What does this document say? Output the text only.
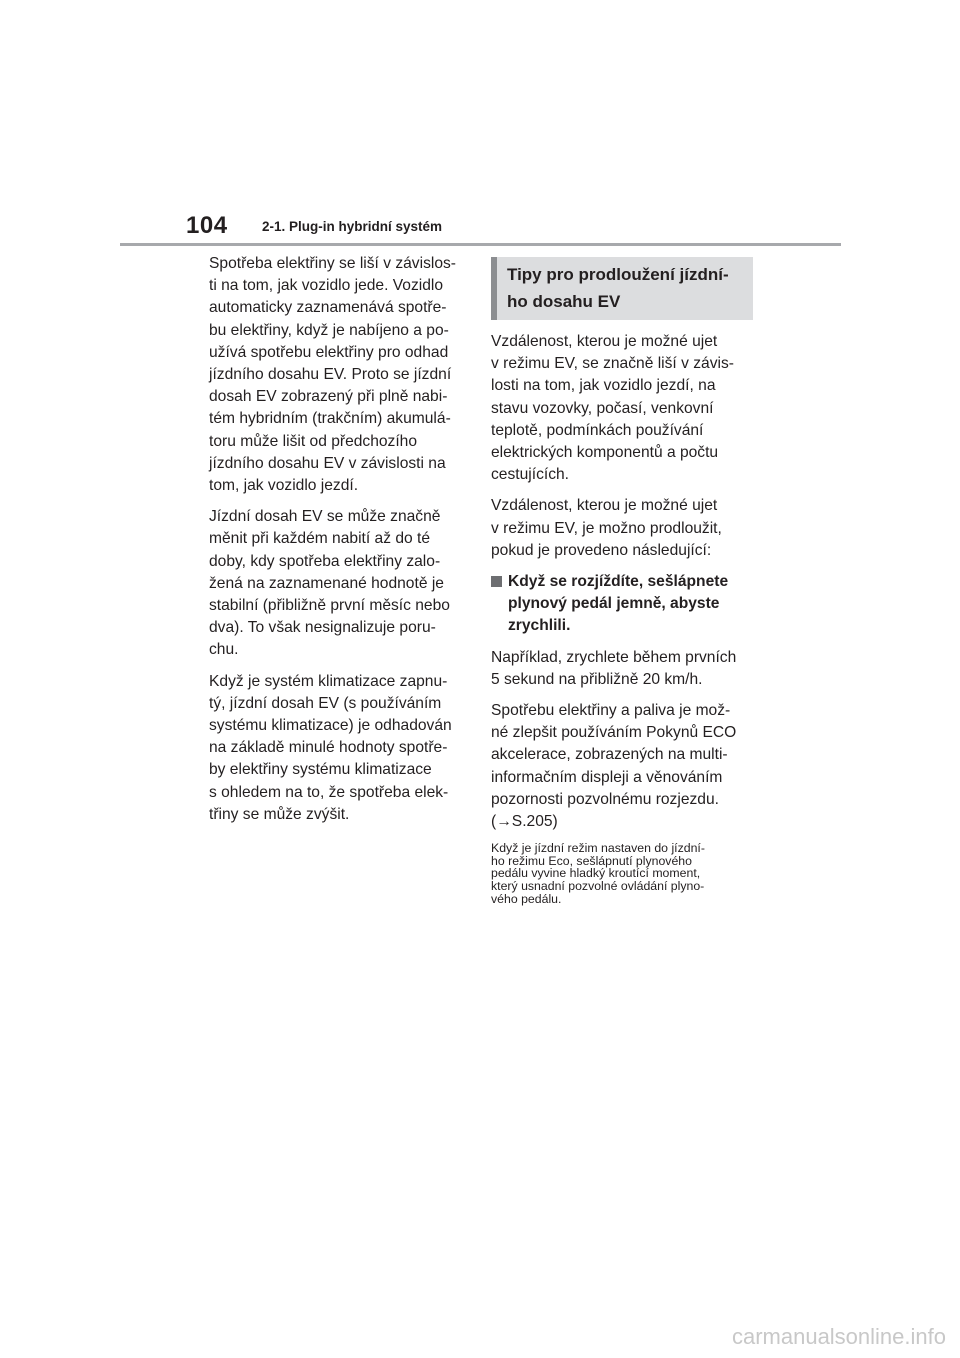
104	2-1. Plug-in hybridní systém

Spotřeba elektřiny se liší v závislos-
ti na tom, jak vozidlo jede. Vozidlo
automaticky zaznamenává spotře-
bu elektřiny, když je nabíjeno a po-
užívá spotřebu elektřiny pro odhad
jízdního dosahu EV. Proto se jízdní
dosah EV zobrazený při plně nabi-
tém hybridním (trakčním) akumulá-
toru může lišit od předchozího
jízdního dosahu EV v závislosti na
tom, jak vozidlo jezdí.

Jízdní dosah EV se může značně
měnit při každém nabití až do té
doby, kdy spotřeba elektřiny zalo-
žená na zaznamenané hodnotě je
stabilní (přibližně první měsíc nebo
dva). To však nesignalizuje poru-
chu.

Když je systém klimatizace zapnu-
tý, jízdní dosah EV (s používáním
systému klimatizace) je odhadován
na základě minulé hodnoty spotře-
by elektřiny systému klimatizace
s ohledem na to, že spotřeba elek-
třiny se může zvýšit.

Tipy pro prodloužení jízdní-
ho dosahu EV

Vzdálenost, kterou je možné ujet
v režimu EV, se značně liší v závis-
losti na tom, jak vozidlo jezdí, na
stavu vozovky, počasí, venkovní
teplotě, podmínkách používání
elektrických komponentů a počtu
cestujících.

Vzdálenost, kterou je možné ujet
v režimu EV, je možno prodloužit,
pokud je provedeno následující:

Když se rozjíždíte, sešlápnete
plynový pedál jemně, abyste
zrychlili.

Například, zrychlete během prvních
5 sekund na přibližně 20 km/h.

Spotřebu elektřiny a paliva je mož-
né zlepšit používáním Pokynů ECO
akcelerace, zobrazených na multi-
informačním displeji a věnováním
pozornosti pozvolnému rozjezdu.
(→S.205)

Když je jízdní režim nastaven do jízdní-
ho režimu Eco, sešlápnutí plynového
pedálu vyvine hladký kroutící moment,
který usnadní pozvolné ovládání plyno-
vého pedálu.

carmanualsonline.info
